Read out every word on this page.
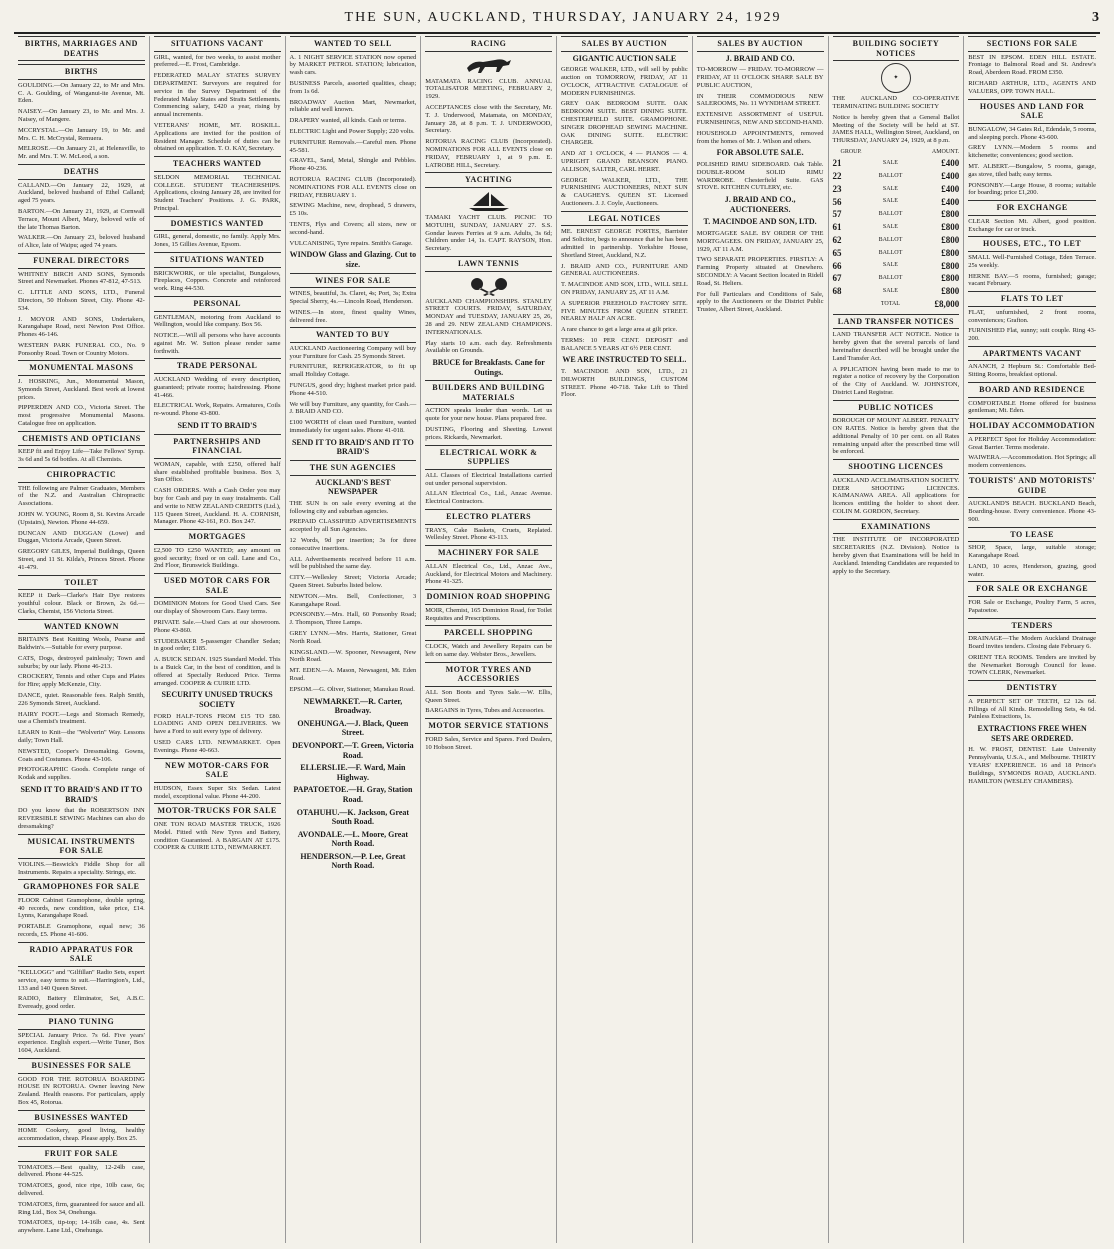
THE SUN, AUCKLAND, THURSDAY, JANUARY 24, 1929	3
BIRTHS, MARRIAGES AND DEATHS
BIRTHS

GOULDING.—On January 22, to Mr and Mrs. C. A. Goulding, of Wanganui-ite Avenue, Mt. Eden.

NAISEY.—On January 23, to Mr. and Mrs. J. Naisey, of Mangere.

MCCRYSTAL.—On January 19, to Mr. and Mrs. C. H. McCrystal, Remuera.

MELROSE.—On January 21, at Helensville, to Mr. and Mrs. T. W. McLeod, a son.

DEATHS

CALLAND.—On January 22, 1929, at Auckland, beloved husband of Ethel Calland; aged 75 years.

BARTON.—On January 21, 1929, at Cornwall Terrace, Mount Albert, Mary, beloved wife of the late Thomas Barton.

WALKER.—On January 23, beloved husband of Alice, late of Waipu; aged 74 years.

FUNERAL DIRECTORS

WHITNEY BIRCH AND SONS, Symonds Street and Newmarket. Phones 47-812, 47-513.

C. LITTLE AND SONS, LTD., Funeral Directors, 50 Hobson Street, City. Phone 42-534.

J. MOYOR AND SONS, Undertakers, Karangahape Road, next Newton Post Office. Phones 46-146.

WESTERN PARK FUNERAL CO., No. 9 Ponsonby Road. Town or Country Motors.

MONUMENTAL MASONS

J. HOSKING, Jun., Monumental Mason, Symonds Street, Auckland. Best work at lowest prices.

PIPPERDEN AND CO., Victoria Street. The most progressive Monumental Masons. Catalogue free on application.

CHEMISTS AND OPTICIANS

KEEP fit and Enjoy Life—Take Fellows' Syrup. 3s 6d and 5s 6d bottles. At all Chemists.

CHIROPRACTIC

THE following are Palmer Graduates, Members of the N.Z. and Australian Chiropractic Associations.

JOHN W. YOUNG, Room 8, St. Kevins Arcade (Upstairs), Newton. Phone 44-659.

DUNCAN AND DUGGAN (Lowe) and Duggan, Victoria Arcade, Queen Street.

GREGORY GILES, Imperial Buildings, Queen Street, and 11 St. Kilda's, Princes Street. Phone 41-479.

TOILET

KEEP it Dark—Clarke's Hair Dye restores youthful colour. Black or Brown, 2s 6d.—Clarks, Chemist, 156 Victoria Street.

WANTED KNOWN

BRITAIN'S Best Knitting Wools, Pearse and Baldwin's.—Suitable for every purpose.

CATS, Dogs, destroyed painlessly; Town and suburbs; by our lady. Phone 46-213.

CROCKERY, Tennis and other Cups and Plates for Hire; apply McKenzie, City.

DANCE, quiet. Reasonable fees. Ralph Smith, 226 Symonds Street, Auckland.

HAIRY FOOT.—Legs and Stomach Remedy, use a Chemist's treatment.

LEARN to Knit—the "Wolverin" Way. Lessons daily; Town Hall.

NEWSTED, Cooper's Dressmaking. Gowns, Coats and Costumes. Phone 43-106.

PHOTOGRAPHIC Goods. Complete range of Kodak and supplies.

SEND IT TO BRAID'S AND IT TO BRAID'S

DO you know that the ROBERTSON INN REVERSIBLE SEWING Machines can also do dressmaking?

MUSICAL INSTRUMENTS FOR SALE

VIOLINS.—Beswick's Fiddle Shop for all Instruments. Repairs a speciality. Strings, etc.

GRAMOPHONES FOR SALE

FLOOR Cabinet Gramophone, double spring, 40 records, new condition, take price, £14. Lynns, Karangahape Road.

PORTABLE Gramophone, equal new; 36 records, £5. Phone 41-606.

RADIO APPARATUS FOR SALE

"KELLOGG" and "Gilfillan" Radio Sets, expert service, easy terms to suit.—Harrington's, Ltd., 133 and 140 Queen Street.

RADIO, Battery Eliminator, Set, A.B.C. Eveready, good order.

PIANO TUNING

SPECIAL January Price. 7s 6d. Five years' experience. English expert.—Write Tuner, Box 1604, Auckland.

BUSINESSES FOR SALE

GOOD FOR THE ROTORUA BOARDING HOUSE IN ROTORUA. Owner leaving New Zealand. Health reasons. For particulars, apply Box 45, Rotorua.

BUSINESSES WANTED

HOME Cookery, good living, healthy accommodation, cheap. Please apply. Box 25.

FRUIT FOR SALE

TOMATOES.—Best quality, 12-24lb case, delivered. Phone 44-525.

TOMATOES, good, nice ripe, 10lb case, 6s; delivered.

TOMATOES, firm, guaranteed for sauce and all. Ring Ltd., Box 34, Onehunga.

TOMATOES, tip-top; 14-16lb case, 4s. Sent anywhere. Lane Ltd., Onehunga.

SITUATIONS VACANT

GIRL, wanted, for two weeks, to assist mother preferred.—E. Frost, Cambridge.

FEDERATED MALAY STATES SURVEY DEPARTMENT. Surveyors are required for service in the Survey Department of the Federated Malay States and Straits Settlements. Commencing salary, £420 a year, rising by annual increments.

VETERANS' HOME, MT. ROSKILL. Applications are invited for the position of Resident Manager. Schedule of duties can be obtained on application. T. O. KAY, Secretary.

TEACHERS WANTED

SELDON MEMORIAL TECHNICAL COLLEGE. STUDENT TEACHERSHIPS. Applications, closing January 28, are invited for Student Teachers' Positions. J. G. PARK, Principal.

DOMESTICS WANTED

GIRL, general, domestic, no family. Apply Mrs. Jones, 15 Gillies Avenue, Epsom.

SITUATIONS WANTED

BRICKWORK, or tile specialist, Bungalows, Fireplaces, Coppers. Concrete and reinforced work. Ring 44-530.

PERSONAL

GENTLEMAN, motoring from Auckland to Wellington, would like company. Box 56.

NOTICE.—Will all persons who have accounts against Mr. W. Sutton please render same forthwith.

TRADE PERSONAL

AUCKLAND Wedding of every description, guaranteed; private rooms; hairdressing. Phone 41-466.

ELECTRICAL Work, Repairs. Armatures, Coils re-wound. Phone 43-800.

SEND IT TO BRAID'S

PARTNERSHIPS AND FINANCIAL

WOMAN, capable, with £250, offered half share established profitable business. Box 3, Sun Office.

CASH ORDERS. With a Cash Order you may buy for Cash and pay in easy instalments. Call and write to NEW ZEALAND CREDITS (Ltd.), 115 Queen Street, Auckland. H. A. CORNISH, Manager. Phone 42-161, P.O. Box 247.

MORTGAGES

£2,500 TO £250 WANTED; any amount on good security; fixed or on call. Lane and Co., 2nd Floor, Brunswick Buildings.

USED MOTOR CARS FOR SALE

DOMINION Motors for Good Used Cars. See our display of Showroom Cars. Easy terms.

PRIVATE Sale.—Used Cars at our showroom. Phone 43-860.

STUDEBAKER 5-passenger Chandler Sedan; in good order; £185.

A. BUICK SEDAN. 1925 Standard Model. This is a Buick Car, in the best of condition, and is offered at Specially Reduced Price. Terms arranged. COOPER & CUIRIE LTD.

SECURITY UNUSED TRUCKS SOCIETY

FORD HALF-TONS FROM £15 TO £80. LOADING AND OPEN DELIVERIES. We have a Ford to suit every type of delivery.

USED CARS LTD. NEWMARKET. Open Evenings. Phone 40-663.

NEW MOTOR-CARS FOR SALE

HUDSON, Essex Super Six Sedan. Latest model, exceptional value. Phone 44-200.

MOTOR-TRUCKS FOR SALE

ONE TON ROAD MASTER TRUCK, 1926 Model. Fitted with New Tyres and Battery, condition Guaranteed. A BARGAIN AT £175. COOPER & CUIRIE LTD., NEWMARKET.

WANTED TO SELL

A. 1 NIGHT SERVICE STATION now opened by MARKET PETROL STATION; lubrication, wash cars.

BUSINESS Parcels, assorted qualities, cheap; from 1s 6d.

BROADWAY Auction Mart, Newmarket, reliable and well known.

DRAPERY wanted, all kinds. Cash or terms.

ELECTRIC Light and Power Supply; 220 volts.

FURNITURE Removals.—Careful men. Phone 45-581.

GRAVEL, Sand, Metal, Shingle and Pebbles. Phone 40-236.

ROTORUA RACING CLUB (Incorporated). NOMINATIONS FOR ALL EVENTS close on FRIDAY, FEBRUARY 1.

SEWING Machine, new, drophead, 5 drawers, £5 10s.

TENTS, Flys and Covers; all sizes, new or second-hand.

VULCANISING, Tyre repairs. Smith's Garage.

WINDOW Glass and Glazing. Cut to size.

WINES FOR SALE

WINES, beautiful, 3s. Claret, 4s; Port, 3s; Extra Special Sherry, 4s.—Lincoln Road, Henderson.

WINES.—In store, finest quality Wines, delivered free.

WANTED TO BUY

AUCKLAND Auctioneering Company will buy your Furniture for Cash. 25 Symonds Street.

FURNITURE, REFRIGERATOR, to fit up small Holiday Cottage.

FUNGUS, good dry; highest market price paid. Phone 44-510.

We will buy Furniture, any quantity, for Cash.—J. BRAID AND CO.

£100 WORTH of clean used Furniture, wanted immediately for urgent sales. Phone 41-018.

SEND IT TO BRAID'S AND IT TO BRAID'S

THE SUN AGENCIES

AUCKLAND'S BEST NEWSPAPER

THE SUN is on sale every evening at the following city and suburban agencies.

PREPAID CLASSIFIED ADVERTISEMENTS accepted by all Sun Agencies.

12 Words, 9d per insertion; 3s for three consecutive insertions.

ALL Advertisements received before 11 a.m. will be published the same day.

CITY.—Wellesley Street; Victoria Arcade; Queen Street. Suburbs listed below.

NEWTON.—Mrs. Bell, Confectioner, 3 Karangahape Road.

PONSONBY.—Mrs. Hall, 60 Ponsonby Road; J. Thompson, Three Lamps.

GREY LYNN.—Mrs. Harris, Stationer, Great North Road.

KINGSLAND.—W. Spooner, Newsagent, New North Road.

MT. EDEN.—A. Mason, Newsagent, Mt. Eden Road.

EPSOM.—G. Oliver, Stationer, Manukau Road.

NEWMARKET.—R. Carter, Broadway.

ONEHUNGA.—J. Black, Queen Street.

DEVONPORT.—T. Green, Victoria Road.

ELLERSLIE.—F. Ward, Main Highway.

PAPATOETOE.—H. Gray, Station Road.

OTAHUHU.—K. Jackson, Great South Road.

AVONDALE.—L. Moore, Great North Road.

HENDERSON.—P. Lee, Great North Road.

RACING

MATAMATA RACING CLUB. ANNUAL TOTALISATOR MEETING, FEBRUARY 2, 1929.

ACCEPTANCES close with the Secretary, Mr. T. J. Underwood, Matamata, on MONDAY, January 28, at 8 p.m. T. J. UNDERWOOD, Secretary.

ROTORUA RACING CLUB (Incorporated). NOMINATIONS FOR ALL EVENTS close on FRIDAY, FEBRUARY 1, at 9 p.m. E. LATROBE HILL, Secretary.

YACHTING

TAMAKI YACHT CLUB. PICNIC TO MOTUIHI, SUNDAY, JANUARY 27. S.S. Gondar leaves Ferries at 9 a.m. Adults, 3s 6d; Children under 14, 1s. CAPT. RAYSON, Hon. Secretary.

LAWN TENNIS

AUCKLAND CHAMPIONSHIPS. STANLEY STREET COURTS. FRIDAY, SATURDAY, MONDAY and TUESDAY, JANUARY 25, 26, 28 and 29. NEW ZEALAND CHAMPIONS. INTERNATIONALS.

Play starts 10 a.m. each day. Refreshments Available on Grounds.

BRUCE for Breakfasts. Cane for Outings.

BUILDERS AND BUILDING MATERIALS

ACTION speaks louder than words. Let us quote for your new house. Plans prepared free.

DUSTING, Flooring and Sheeting. Lowest prices. Rickards, Newmarket.

ELECTRICAL WORK & SUPPLIES

ALL Classes of Electrical Installations carried out under personal supervision.

ALLAN Electrical Co., Ltd., Anzac Avenue. Electrical Contractors.

ELECTRO PLATERS

TRAYS, Cake Baskets, Cruets, Replated. Wellesley Street. Phone 43-113.

MACHINERY FOR SALE

ALLAN Electrical Co., Ltd., Anzac Ave., Auckland, for Electrical Motors and Machinery. Phone 41-325.

DOMINION ROAD SHOPPING

MOIR, Chemist, 165 Dominion Road, for Toilet Requisites and Prescriptions.

PARCELL SHOPPING

CLOCK, Watch and Jewellery Repairs can be left on same day. Webster Bros., Jewellers.

MOTOR TYRES AND ACCESSORIES

ALL Son Boots and Tyres Sale.—W. Ellis, Queen Street.

BARGAINS in Tyres, Tubes and Accessories.

MOTOR SERVICE STATIONS

FORD Sales, Service and Spares. Ford Dealers, 10 Hobson Street.

SALES BY AUCTION

GIGANTIC AUCTION SALE

GEORGE WALKER, LTD., will sell by public auction on TOMORROW, FRIDAY, AT 11 O'CLOCK, ATTRACTIVE CATALOGUE of MODERN FURNISHINGS.

GREY OAK BEDROOM SUITE. OAK BEDROOM SUITE. BEST DINING SUITE. CHESTERFIELD SUITE. GRAMOPHONE. SINGER DROPHEAD SEWING MACHINE. OAK DINING SUITE. ELECTRIC CHARGER.

AND AT 1 O'CLOCK, 4 — PIANOS — 4. UPRIGHT GRAND BEANSON PIANO. ALLISON, SALTER, CARL HERRT.

GEORGE WALKER, LTD., THE FURNISHING AUCTIONEERS, NEXT SUN & CAUGHEYS. QUEEN ST. Licensed Auctioneers. J. J. Coyle, Auctioneers.

LEGAL NOTICES

ME. ERNEST GEORGE FORTES, Barrister and Solicitor, begs to announce that he has been admitted in partnership. Yorkshire House, Shortland Street, Auckland, N.Z.

J. BRAID AND CO., FURNITURE AND GENERAL AUCTIONEERS.

T. MACINDOE AND SON, LTD., WILL SELL ON FRIDAY, JANUARY 25, AT 11 A.M.

A SUPERIOR FREEHOLD FACTORY SITE. FIVE MINUTES FROM QUEEN STREET. NEARLY HALF AN ACRE.

A rare chance to get a large area at gilt price.

TERMS: 10 PER CENT. DEPOSIT and BALANCE 5 YEARS AT 6½ PER CENT.

WE ARE INSTRUCTED TO SELL.

T. MACINDOE AND SON, LTD., 21 DILWORTH BUILDINGS, CUSTOM STREET. Phone 40-718. Take Lift to Third Floor.

SALES BY AUCTION

J. BRAID AND CO.

TO-MORROW — FRIDAY. TO-MORROW — FRIDAY, AT 11 O'CLOCK SHARP. SALE BY PUBLIC AUCTION,

IN THEIR COMMODIOUS NEW SALEROOMS, No. 11 WYNDHAM STREET.

EXTENSIVE ASSORTMENT of USEFUL FURNISHINGS, NEW AND SECOND-HAND.

HOUSEHOLD APPOINTMENTS, removed from the homes of Mr. J. Wilson and others.

FOR ABSOLUTE SALE.

POLISHED RIMU SIDEBOARD. Oak Table. DOUBLE-ROOM SOLID RIMU WARDROBE. Chesterfield Suite. GAS STOVE. KITCHEN CUTLERY, etc.

J. BRAID AND CO., AUCTIONEERS.

T. MACINDOE AND SON, LTD.

MORTGAGEE SALE. BY ORDER OF THE MORTGAGEES. ON FRIDAY, JANUARY 25, 1929, AT 11 A.M.

TWO SEPARATE PROPERTIES. FIRSTLY: A Farming Property situated at Onewhero. SECONDLY: A Vacant Section located in Ridell Road, St. Heliers.

For full Particulars and Conditions of Sale, apply to the Auctioneers or the District Public Trustee, Albert Street, Auckland.

BUILDING SOCIETY NOTICES
✦

THE AUCKLAND CO-OPERATIVE TERMINATING BUILDING SOCIETY

Notice is hereby given that a General Ballot Meeting of the Society will be held at ST. JAMES HALL, Wellington Street, Auckland, on THURSDAY, JANUARY 24, 1929, at 8 p.m.

GROUP.		AMOUNT.
21	SALE	£400
22	BALLOT	£400
23	SALE	£400
56	SALE	£400
57	BALLOT	£800
61	SALE	£800
62	BALLOT	£800
65	BALLOT	£800
66	SALE	£800
67	BALLOT	£800
68	SALE	£800
	TOTAL	£8,000
LAND TRANSFER NOTICES

LAND TRANSFER ACT NOTICE. Notice is hereby given that the several parcels of land hereinafter described will be brought under the Land Transfer Act.

A PPLICATION having been made to me to register a notice of recovery by the Corporation of the City of Auckland. W. JOHNSTON, District Land Registrar.

PUBLIC NOTICES

BOROUGH OF MOUNT ALBERT. PENALTY ON RATES. Notice is hereby given that the additional Penalty of 10 per cent. on all Rates remaining unpaid after the prescribed time will be enforced.

SHOOTING LICENCES

AUCKLAND ACCLIMATISATION SOCIETY. DEER SHOOTING LICENCES. KAIMANAWA AREA. All applications for licences entitling the holder to shoot deer. COLIN M. GORDON, Secretary.

EXAMINATIONS

THE INSTITUTE OF INCORPORATED SECRETARIES (N.Z. Division). Notice is hereby given that Examinations will be held in Auckland. Intending Candidates are requested to apply to the Secretary.

SECTIONS FOR SALE

BEST IN EPSOM. EDEN HILL ESTATE. Frontage to Balmoral Road and St. Andrew's Road, Aberdeen Road. FROM £350.

RICHARD ARTHUR, LTD., AGENTS AND VALUERS, OPP. TOWN HALL.

HOUSES AND LAND FOR SALE

BUNGALOW, 34 Gates Rd., Edendale, 5 rooms, and sleeping porch. Phone 43-600.

GREY LYNN.—Modern 5 rooms and kitchenette; conveniences; good section.

MT. ALBERT.—Bungalow, 5 rooms, garage, gas stove, tiled bath; easy terms.

PONSONBY.—Large House, 8 rooms; suitable for boarding; price £1,200.

FOR EXCHANGE

CLEAR Section Mt. Albert, good position. Exchange for car or truck.

HOUSES, ETC., TO LET

SMALL Well-Furnished Cottage, Eden Terrace. 25s weekly.

HERNE BAY.—5 rooms, furnished; garage; vacant February.

FLATS TO LET

FLAT, unfurnished, 2 front rooms, conveniences; Grafton.

FURNISHED Flat, sunny; suit couple. Ring 43-200.

APARTMENTS VACANT

ANANCH, 2 Hepburn St.: Comfortable Bed-Sitting Rooms, breakfast optional.

BOARD AND RESIDENCE

COMFORTABLE Home offered for business gentleman; Mt. Eden.

HOLIDAY ACCOMMODATION

A PERFECT Spot for Holiday Accommodation: Great Barrier. Terms moderate.

WAIWERA.—Accommodation. Hot Springs; all modern conveniences.

TOURISTS' AND MOTORISTS' GUIDE

AUCKLAND'S BEACH. BUCKLAND Beach, Boarding-house. Every convenience. Phone 43-900.

TO LEASE

SHOP, Space, large, suitable storage; Karangahape Road.

LAND, 10 acres, Henderson, grazing, good water.

FOR SALE OR EXCHANGE

FOR Sale or Exchange, Poultry Farm, 5 acres, Papatoetoe.

TENDERS

DRAINAGE—The Modern Auckland Drainage Board invites tenders. Closing date February 6.

ORIENT TEA ROOMS. Tenders are invited by the Newmarket Borough Council for lease. TOWN CLERK, Newmarket.

DENTISTRY

A PERFECT SET OF TEETH, £2 12s 6d. Fillings of All Kinds. Remodelling Sets, 4s 6d. Painless Extractions, 1s.

EXTRACTIONS FREE WHEN SETS ARE ORDERED.

H. W. FROST, DENTIST. Late University Pennsylvania, U.S.A., and Melbourne. THIRTY YEARS' EXPERIENCE. 16 and 18 Prince's Buildings, SYMONDS ROAD, AUCKLAND. HAMILTON (WESLEY CHAMBERS).
